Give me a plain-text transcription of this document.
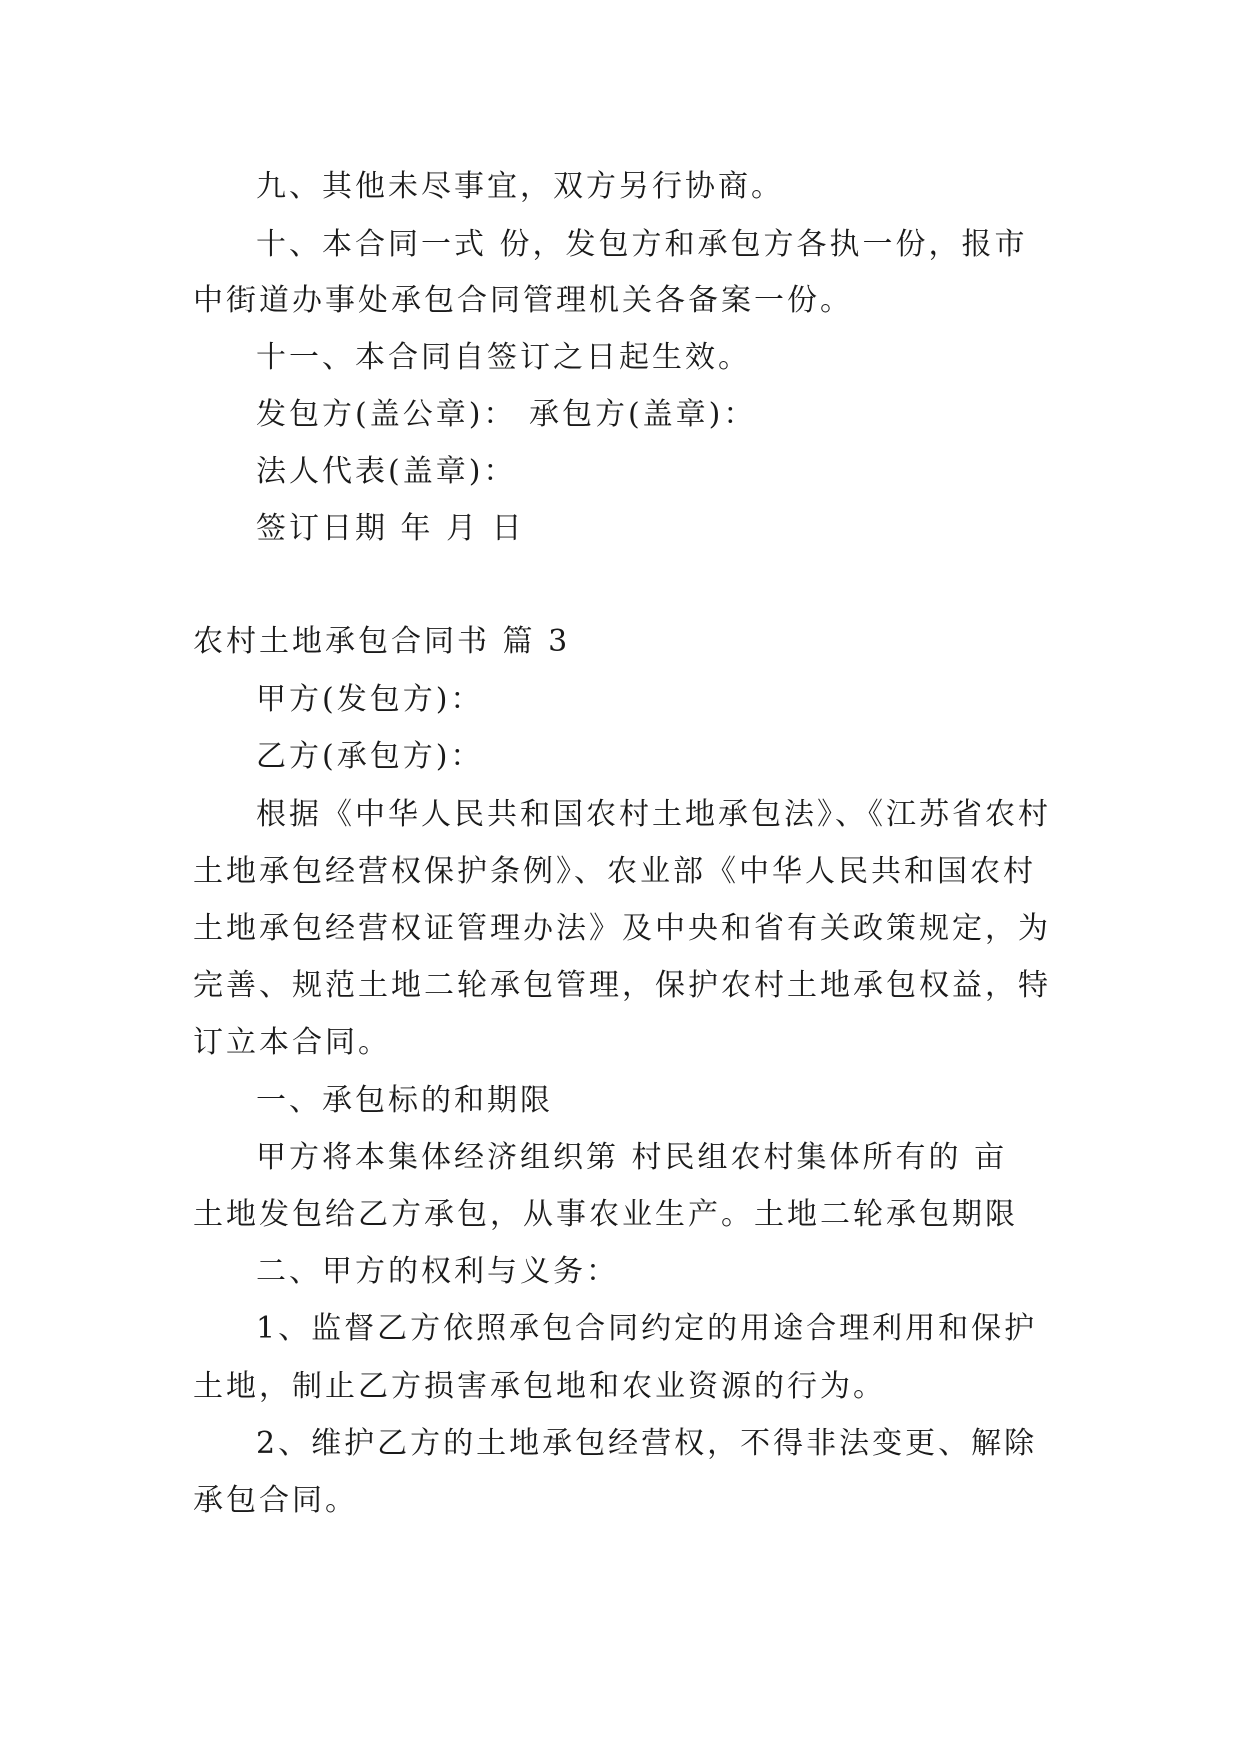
九、其他未尽事宜，双方另行协商。
十、本合同一式 份，发包方和承包方各执一份，报市
中街道办事处承包合同管理机关各备案一份。
十一、本合同自签订之日起生效。
发包方(盖公章)： 承包方(盖章)：
法人代表(盖章)：
签订日期 年 月 日
农村土地承包合同书 篇 3
甲方(发包方)：
乙方(承包方)：
根据《中华人民共和国农村土地承包法》、《江苏省农村
土地承包经营权保护条例》、农业部《中华人民共和国农村
土地承包经营权证管理办法》及中央和省有关政策规定，为
完善、规范土地二轮承包管理，保护农村土地承包权益，特
订立本合同。
一、承包标的和期限
甲方将本集体经济组织第 村民组农村集体所有的 亩
土地发包给乙方承包，从事农业生产。土地二轮承包期限
二、甲方的权利与义务：
1、监督乙方依照承包合同约定的用途合理利用和保护
土地，制止乙方损害承包地和农业资源的行为。
2、维护乙方的土地承包经营权，不得非法变更、解除
承包合同。
